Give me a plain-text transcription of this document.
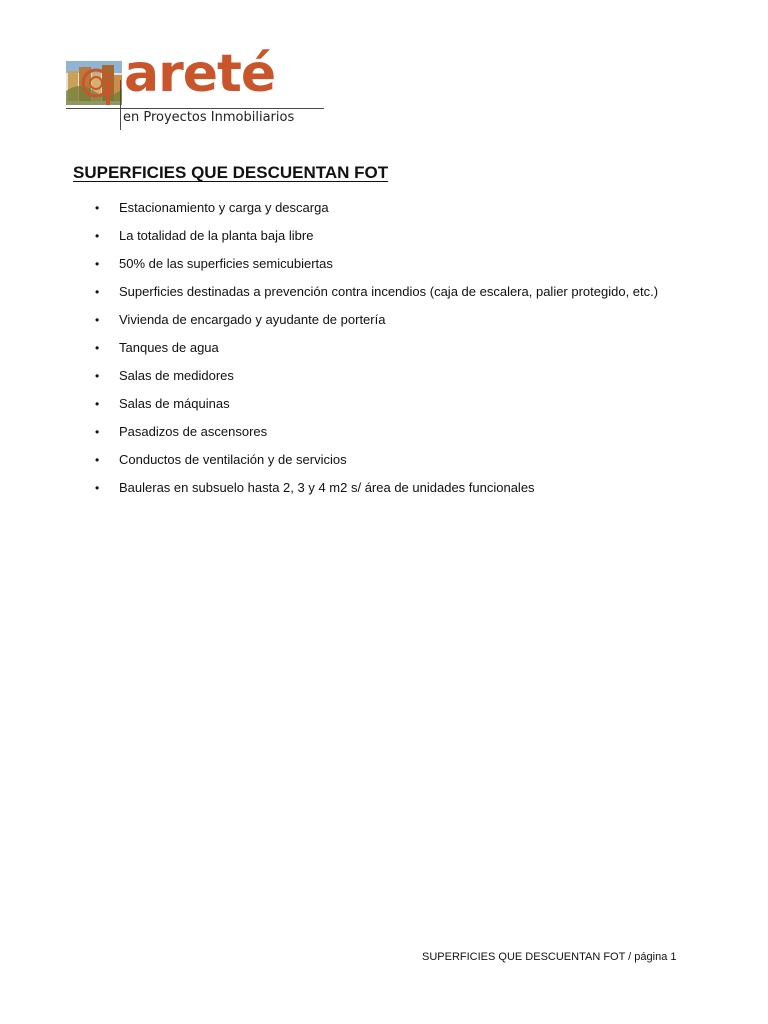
areté
en Proyectos Inmobiliarios
SUPERFICIES QUE DESCUENTAN FOT
• Estacionamiento y carga y descarga
• La totalidad de la planta baja libre
• 50% de las superficies semicubiertas
• Superficies destinadas a prevención contra incendios (caja de escalera, palier protegido, etc.)
• Vivienda de encargado y ayudante de portería
• Tanques de agua
• Salas de medidores
• Salas de máquinas
• Pasadizos de ascensores
• Conductos de ventilación y de servicios
• Bauleras en subsuelo hasta 2, 3 y 4 m2 s/ área de unidades funcionales
SUPERFICIES QUE DESCUENTAN FOT / página 1
